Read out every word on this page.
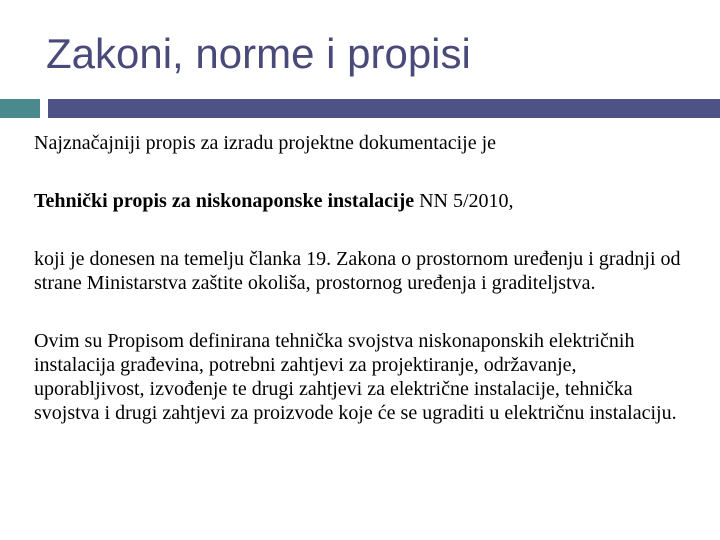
Zakoni, norme i propisi

Najznačajniji propis za izradu projektne dokumentacije je

Tehnički propis za niskonaponske instalacije NN 5/2010,

koji je donesen na temelju članka 19. Zakona o prostornom uređenju i gradnji od strane Ministarstva zaštite okoliša, prostornog uređenja i graditeljstva.

Ovim su Propisom definirana tehnička svojstva niskonaponskih električnih instalacija građevina, potrebni zahtjevi za projektiranje, održavanje, uporabljivost, izvođenje te drugi zahtjevi za električne instalacije, tehnička svojstva i drugi zahtjevi za proizvode koje će se ugraditi u električnu instalaciju.
